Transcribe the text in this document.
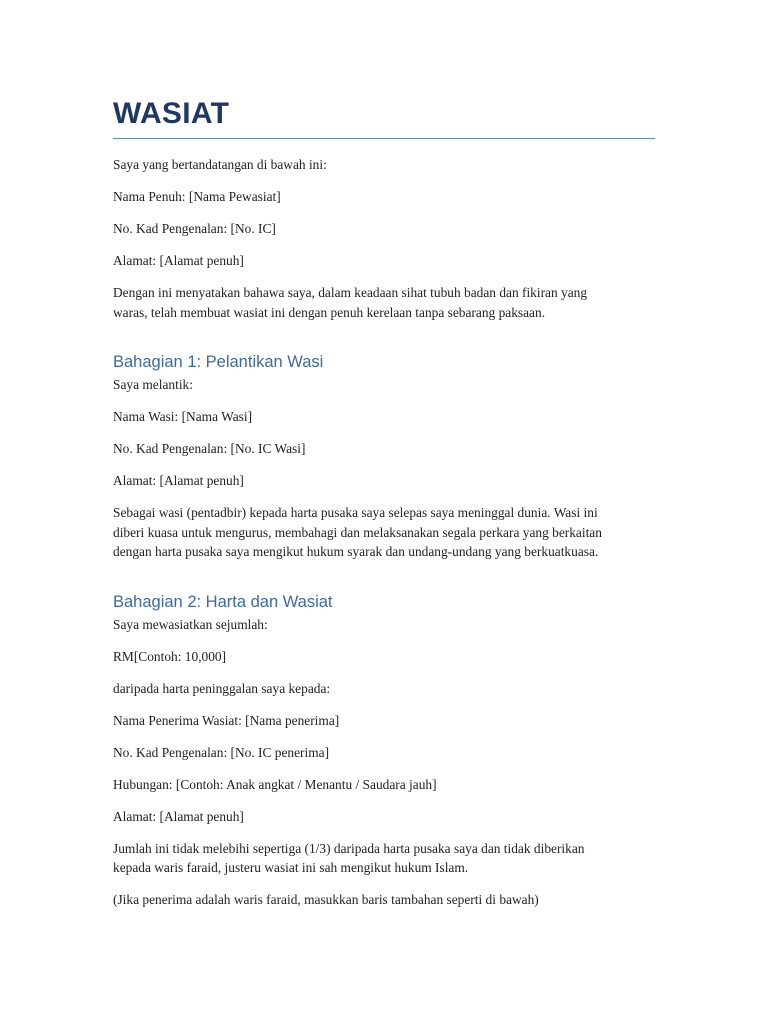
WASIAT

Saya yang bertandatangan di bawah ini:

Nama Penuh: [Nama Pewasiat]

No. Kad Pengenalan: [No. IC]

Alamat: [Alamat penuh]

Dengan ini menyatakan bahawa saya, dalam keadaan sihat tubuh badan dan fikiran yang
waras, telah membuat wasiat ini dengan penuh kerelaan tanpa sebarang paksaan.
Bahagian 1: Pelantikan Wasi

Saya melantik:

Nama Wasi: [Nama Wasi]

No. Kad Pengenalan: [No. IC Wasi]

Alamat: [Alamat penuh]

Sebagai wasi (pentadbir) kepada harta pusaka saya selepas saya meninggal dunia. Wasi ini
diberi kuasa untuk mengurus, membahagi dan melaksanakan segala perkara yang berkaitan
dengan harta pusaka saya mengikut hukum syarak dan undang-undang yang berkuatkuasa.
Bahagian 2: Harta dan Wasiat

Saya mewasiatkan sejumlah:

RM[Contoh: 10,000]

daripada harta peninggalan saya kepada:

Nama Penerima Wasiat: [Nama penerima]

No. Kad Pengenalan: [No. IC penerima]

Hubungan: [Contoh: Anak angkat / Menantu / Saudara jauh]

Alamat: [Alamat penuh]

Jumlah ini tidak melebihi sepertiga (1/3) daripada harta pusaka saya dan tidak diberikan
kepada waris faraid, justeru wasiat ini sah mengikut hukum Islam.

(Jika penerima adalah waris faraid, masukkan baris tambahan seperti di bawah)
